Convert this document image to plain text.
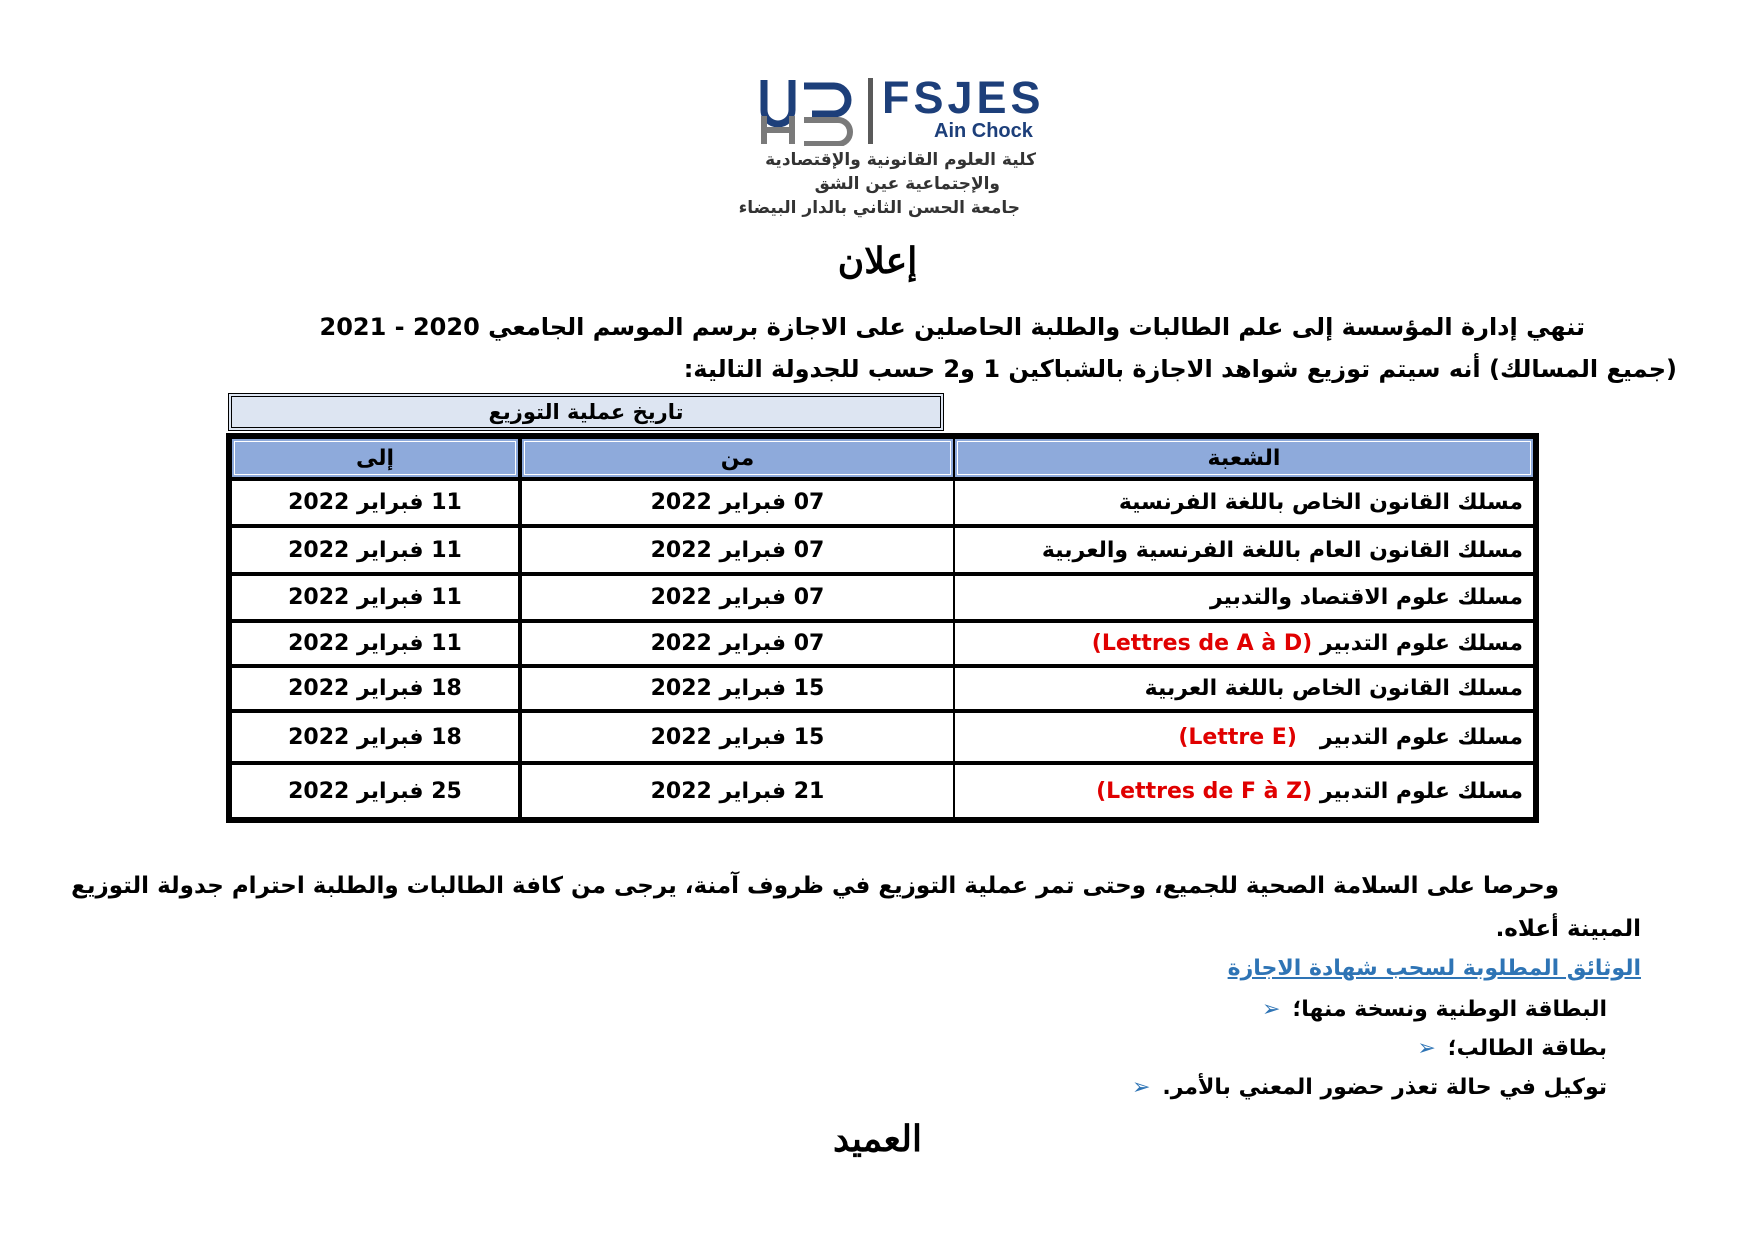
FSJES
Ain Chock
كلية العلوم القانونية والإقتصادية
والإجتماعية عين الشق
جامعة الحسن الثاني بالدار البيضاء
إعلان
تنهي إدارة المؤسسة إلى علم الطالبات والطلبة الحاصلين على الاجازة برسم الموسم الجامعي 2020 - 2021
(جميع المسالك) أنه سيتم توزيع شواهد الاجازة بالشباكين 1 و2 حسب للجدولة التالية:
تاريخ عملية التوزيع
الشعبة
من
إلى
مسلك القانون الخاص باللغة الفرنسية
07 فبراير 2022
11 فبراير 2022
مسلك القانون العام باللغة الفرنسية والعربية
07 فبراير 2022
11 فبراير 2022
مسلك علوم الاقتصاد والتدبير
07 فبراير 2022
11 فبراير 2022
مسلك علوم التدبير

(Lettres de A à D)
07 فبراير 2022
11 فبراير 2022
مسلك القانون الخاص باللغة العربية
15 فبراير 2022
18 فبراير 2022
مسلك علوم التدبير

(Lettre E)
15 فبراير 2022
18 فبراير 2022
مسلك علوم التدبير

(Lettres de F à Z)
21 فبراير 2022
25 فبراير 2022
وحرصا على السلامة الصحية للجميع، وحتى تمر عملية التوزيع في ظروف آمنة، يرجى من كافة الطالبات والطلبة احترام جدولة التوزيع
المبينة أعلاه.
الوثائق المطلوبة لسحب شهادة الاجازة
البطاقة الوطنية ونسخة منها؛
➢
بطاقة الطالب؛
➢
توكيل في حالة تعذر حضور المعني بالأمر.
➢
العميد
